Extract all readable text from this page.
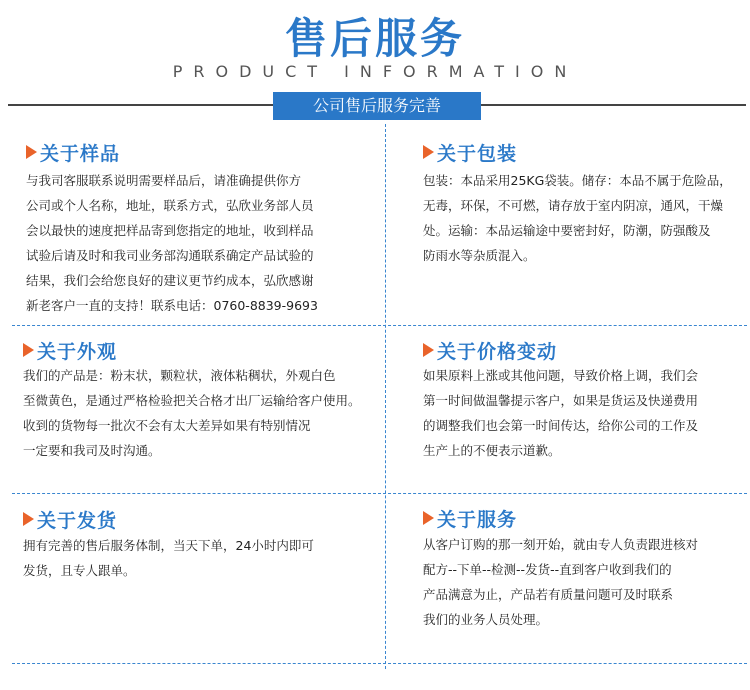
售后服务
PRODUCT INFORMATION
公司售后服务完善
关于样品
与我司客服联系说明需要样品后，请准确提供你方
公司或个人名称，地址，联系方式，弘欣业务部人员
会以最快的速度把样品寄到您指定的地址，收到样品
试验后请及时和我司业务部沟通联系确定产品试验的
结果，我们会给您良好的建议更节约成本，弘欣感谢
新老客户一直的支持！联系电话：0760-8839-9693
关于包装
包装：本品采用25KG袋装。储存：本品不属于危险品，
无毒，环保，不可燃，请存放于室内阴凉，通风，干燥
处。运输：本品运输途中要密封好，防潮，防强酸及
防雨水等杂质混入。
关于外观
我们的产品是：粉末状，颗粒状，液体粘稠状，外观白色
至微黄色，是通过严格检验把关合格才出厂运输给客户使用。
收到的货物每一批次不会有太大差异如果有特别情况
一定要和我司及时沟通。
关于价格变动
如果原料上涨或其他问题，导致价格上调，我们会
第一时间做温馨提示客户，如果是货运及快递费用
的调整我们也会第一时间传达，给你公司的工作及
生产上的不便表示道歉。
关于发货
拥有完善的售后服务体制，当天下单，24小时内即可
发货，且专人跟单。
关于服务
从客户订购的那一刻开始，就由专人负责跟进核对
配方--下单--检测--发货--直到客户收到我们的
产品满意为止，产品若有质量问题可及时联系
我们的业务人员处理。
